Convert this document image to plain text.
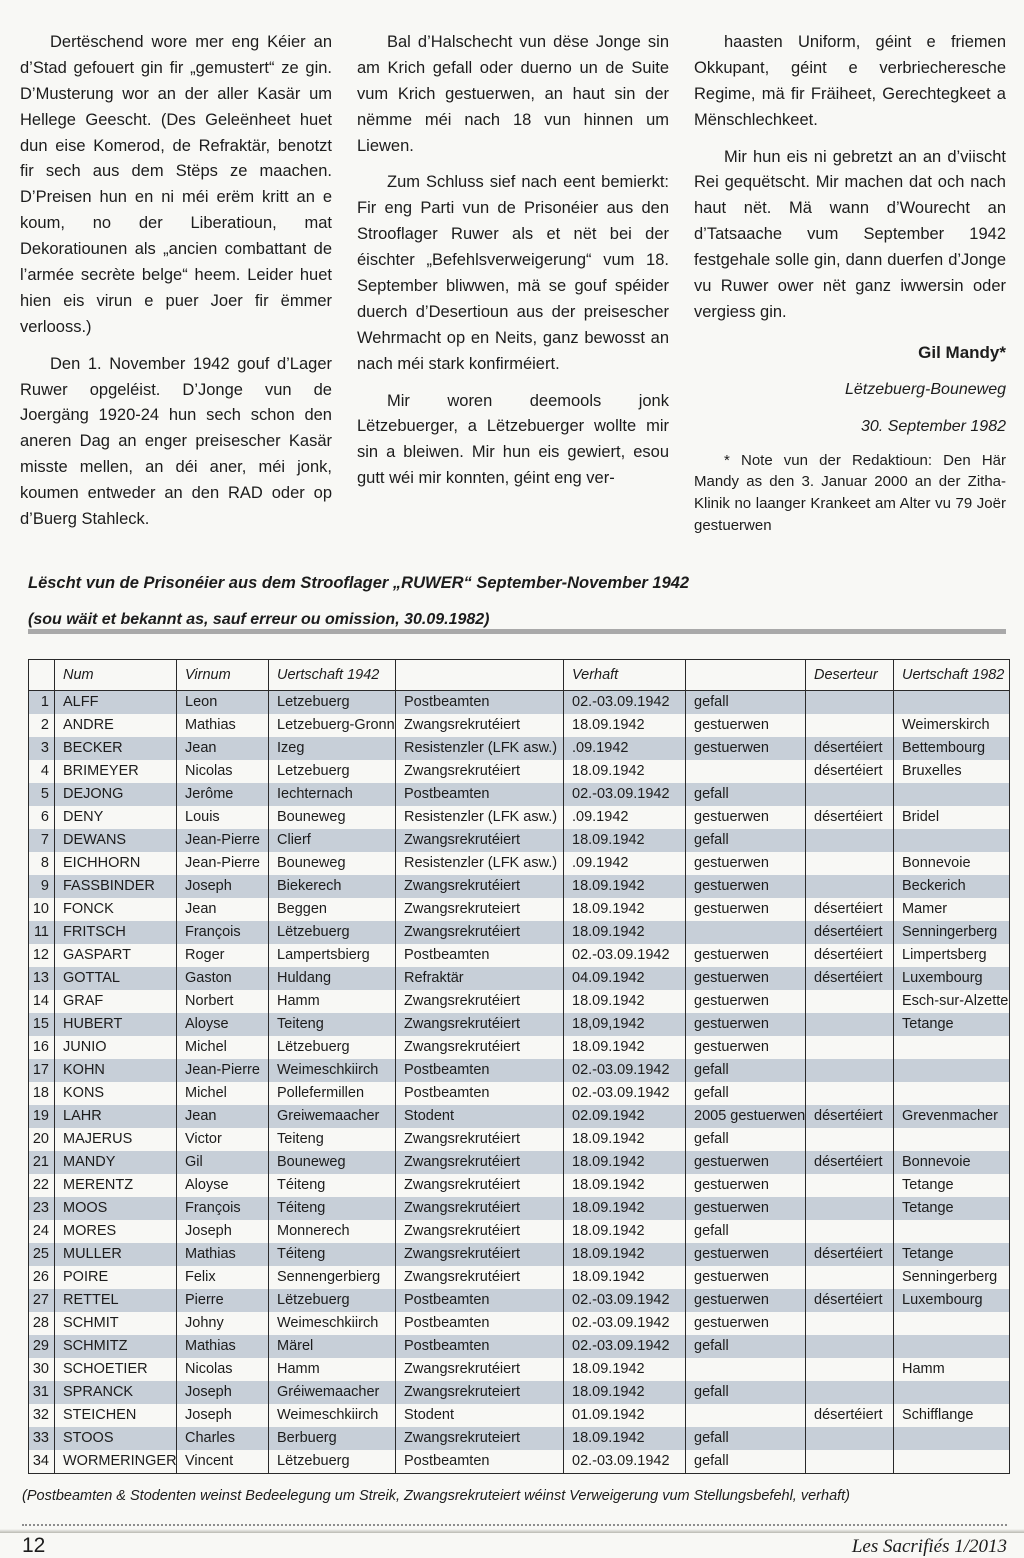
Dertëschend wore mer eng Kéier an d’Stad gefouert gin fir „gemustert“ ze gin. D’Musterung wor an der aller Kasär um Hellege Geescht. (Des Geleënheet huet dun eise Komerod, de Refraktär, benotzt fir sech aus dem Stëps ze maachen. D’Preisen hun en ni méi erëm kritt an e koum, no der Liberatioun, mat Dekoratiounen als „ancien combattant de l’armée secrète belge“ heem. Leider huet hien eis virun e puer Joer fir ëmmer verlooss.)

Den 1. November 1942 gouf d’Lager Ruwer opgeléist. D’Jonge vun de Joergäng 1920-24 hun sech schon den aneren Dag an enger preisescher Kasär misste mellen, an déi aner, méi jonk, koumen entweder an den RAD oder op d’Buerg Stahleck.

Bal d’Halschecht vun dëse Jonge sin am Krich gefall oder duerno un de Suite vum Krich gestuerwen, an haut sin der nëmme méi nach 18 vun hinnen um Liewen.

Zum Schluss sief nach eent bemierkt: Fir eng Parti vun de Prisonéier aus den Strooflager Ruwer als et nët bei der éischter „Befehlsverweigerung“ vum 18. September bliwwen, mä se gouf spéider duerch d’Desertioun aus der preisescher Wehrmacht op en Neits, ganz bewosst an nach méi stark konfirméiert.

Mir woren deemools jonk Lëtzebuerger, a Lëtzebuerger wollte mir sin a bleiwen. Mir hun eis gewiert, esou gutt wéi mir konnten, géint eng ver-

haasten Uniform, géint e friemen Okkupant, géint e verbriecheresche Regime, mä fir Fräiheet, Gerechtegkeet a Mënschlechkeet.

Mir hun eis ni gebretzt an an d’viischt Rei gequëtscht. Mir machen dat och nach haut nët. Mä wann d’Wourecht an d’Tatsaache vum September 1942 festgehale solle gin, dann duerfen d’Jonge vu Ruwer ower nët ganz iwwersin oder vergiess gin.

Gil Mandy*

Lëtzebuerg-Bouneweg

30. September 1982

* Note vun der Redaktioun: Den Här Mandy as den 3. Januar 2000 an der Zitha-Klinik no laanger Krankeet am Alter vu 79 Joër gestuerwen

Lëscht vun de Prisonéier aus dem Strooflager „RUWER“ September-November 1942
(sou wäit et bekannt as, sauf erreur ou omission, 30.09.1982)
	Num	Virnum	Uertschaft 1942		Verhaft		Deserteur	Uertschaft 1982
1	ALFF	Leon	Letzebuerg	Postbeamten	02.-03.09.1942	gefall		
2	ANDRE	Mathias	Letzebuerg-Gronn	Zwangsrekrutéiert	18.09.1942	gestuerwen		Weimerskirch
3	BECKER	Jean	Izeg	Resistenzler (LFK asw.)	.09.1942	gestuerwen	désertéiert	Bettembourg
4	BRIMEYER	Nicolas	Letzebuerg	Zwangsrekrutéiert	18.09.1942		désertéiert	Bruxelles
5	DEJONG	Jerôme	Iechternach	Postbeamten	02.-03.09.1942	gefall		
6	DENY	Louis	Bouneweg	Resistenzler (LFK asw.)	.09.1942	gestuerwen	désertéiert	Bridel
7	DEWANS	Jean-Pierre	Clierf	Zwangsrekrutéiert	18.09.1942	gefall		
8	EICHHORN	Jean-Pierre	Bouneweg	Resistenzler (LFK asw.)	.09.1942	gestuerwen		Bonnevoie
9	FASSBINDER	Joseph	Biekerech	Zwangsrekrutéiert	18.09.1942	gestuerwen		Beckerich
10	FONCK	Jean	Beggen	Zwangsrekruteiert	18.09.1942	gestuerwen	désertéiert	Mamer
11	FRITSCH	François	Lëtzebuerg	Zwangsrekrutéiert	18.09.1942		désertéiert	Senningerberg
12	GASPART	Roger	Lampertsbierg	Postbeamten	02.-03.09.1942	gestuerwen	désertéiert	Limpertsberg
13	GOTTAL	Gaston	Huldang	Refraktär	04.09.1942	gestuerwen	désertéiert	Luxembourg
14	GRAF	Norbert	Hamm	Zwangsrekrutéiert	18.09.1942	gestuerwen		Esch-sur-Alzette
15	HUBERT	Aloyse	Teiteng	Zwangsrekrutéiert	18,09,1942	gestuerwen		Tetange
16	JUNIO	Michel	Lëtzebuerg	Zwangsrekrutéiert	18.09.1942	gestuerwen		
17	KOHN	Jean-Pierre	Weimeschkiirch	Postbeamten	02.-03.09.1942	gefall		
18	KONS	Michel	Pollefermillen	Postbeamten	02.-03.09.1942	gefall		
19	LAHR	Jean	Greiwemaacher	Stodent	02.09.1942	2005 gestuerwen	désertéiert	Grevenmacher
20	MAJERUS	Victor	Teiteng	Zwangsrekrutéiert	18.09.1942	gefall		
21	MANDY	Gil	Bouneweg	Zwangsrekrutéiert	18.09.1942	gestuerwen	désertéiert	Bonnevoie
22	MERENTZ	Aloyse	Téiteng	Zwangsrekrutéiert	18.09.1942	gestuerwen		Tetange
23	MOOS	François	Téiteng	Zwangsrekrutéiert	18.09.1942	gestuerwen		Tetange
24	MORES	Joseph	Monnerech	Zwangsrekrutéiert	18.09.1942	gefall		
25	MULLER	Mathias	Téiteng	Zwangsrekrutéiert	18.09.1942	gestuerwen	désertéiert	Tetange
26	POIRE	Felix	Sennengerbierg	Zwangsrekrutéiert	18.09.1942	gestuerwen		Senningerberg
27	RETTEL	Pierre	Lëtzebuerg	Postbeamten	02.-03.09.1942	gestuerwen	désertéiert	Luxembourg
28	SCHMIT	Johny	Weimeschkiirch	Postbeamten	02.-03.09.1942	gestuerwen		
29	SCHMITZ	Mathias	Märel	Postbeamten	02.-03.09.1942	gefall		
30	SCHOETIER	Nicolas	Hamm	Zwangsrekrutéiert	18.09.1942			Hamm
31	SPRANCK	Joseph	Gréiwemaacher	Zwangsrekruteiert	18.09.1942	gefall		
32	STEICHEN	Joseph	Weimeschkiirch	Stodent	01.09.1942		désertéiert	Schifflange
33	STOOS	Charles	Berbuerg	Zwangsrekruteiert	18.09.1942	gefall		
34	WORMERINGER	Vincent	Lëtzebuerg	Postbeamten	02.-03.09.1942	gefall		
(Postbeamten & Stodenten weinst Bedeelegung um Streik, Zwangsrekruteiert wéinst Verweigerung vum Stellungsbefehl, verhaft)
12	Les Sacrifiés 1/2013
